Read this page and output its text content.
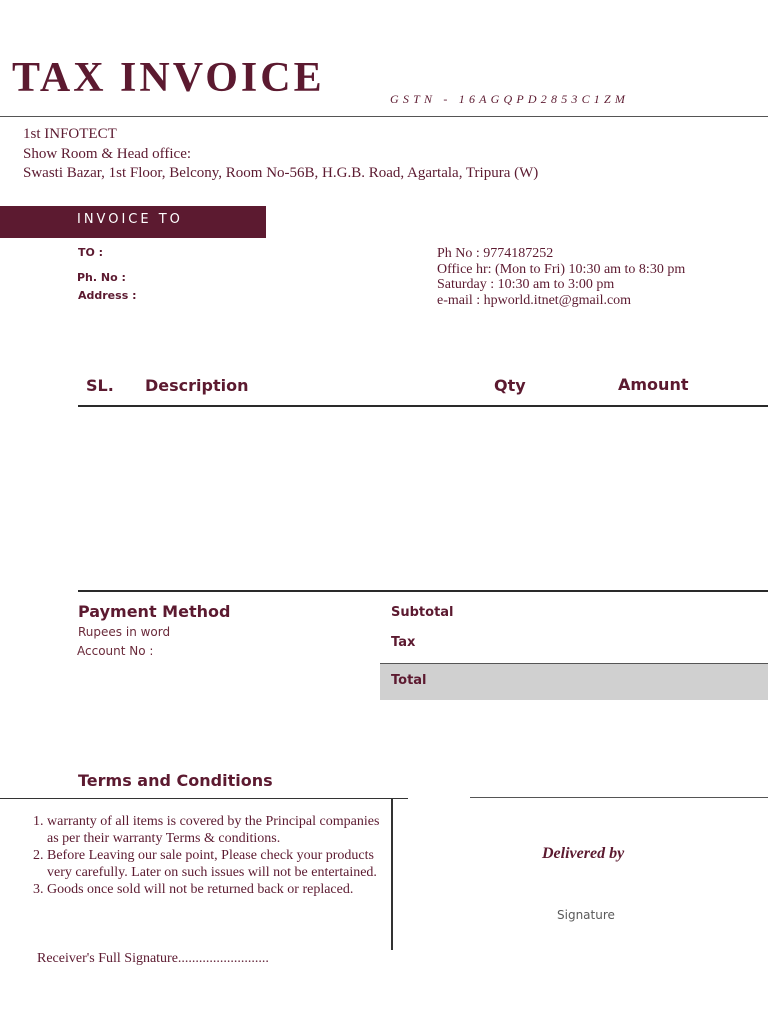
TAX INVOICE	GSTN - 16AGQPD2853C1ZM
1st INFOTECT
Show Room & Head office:
Swasti Bazar, 1st Floor, Belcony, Room No-56B, H.G.B. Road, Agartala, Tripura (W)
INVOICE TO
TO :
Ph. No :
Address :
Ph No : 9774187252
Office hr: (Mon to Fri) 10:30 am to 8:30 pm
Saturday : 10:30 am to 3:00 pm
e-mail : hpworld.itnet@gmail.com
SL. Description	Qty	Amount
Payment Method
Rupees in word
Account No :
Subtotal
Tax
Total
Terms and Conditions
1. warranty of all items is covered by the Principal companies as per their warranty Terms & conditions.
2. Before Leaving our sale point, Please check your products very carefully. Later on such issues will not be entertained.
3. Goods once sold will not be returned back or replaced.
Delivered by
Signature
Receiver's Full Signature..........................
